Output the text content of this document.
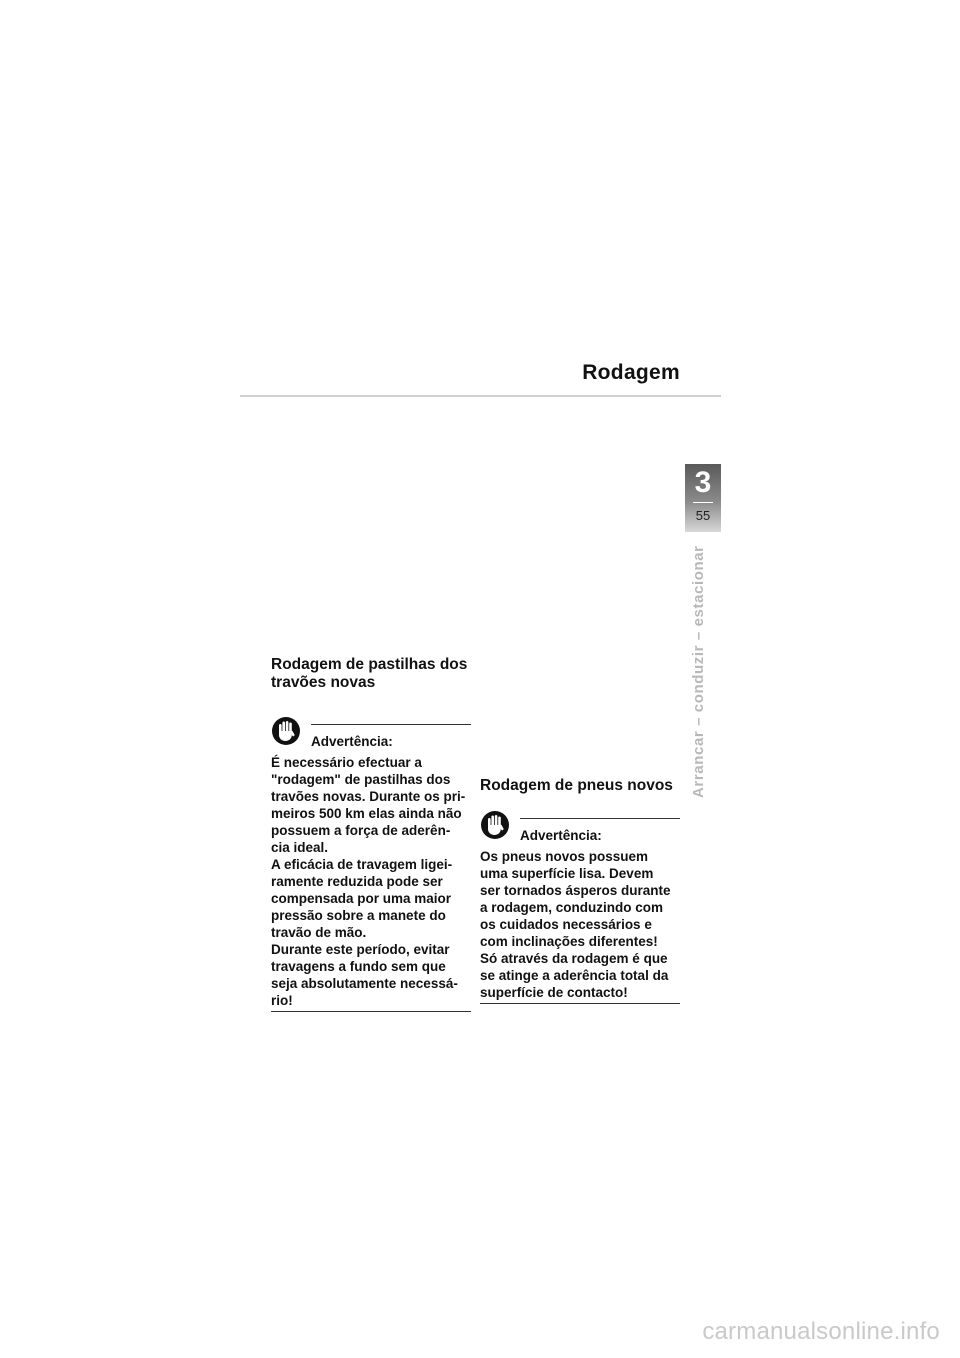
Rodagem
3
55
Arrancar – conduzir – estacionar
Rodagem de pastilhas dos travões novas
Advertência:

É necessário efectuar a
"rodagem" de pastilhas dos
travões novas. Durante os pri-
meiros 500 km elas ainda não
possuem a força de aderên-
cia ideal.
A eficácia de travagem ligei-
ramente reduzida pode ser
compensada por uma maior
pressão sobre a manete do
travão de mão.
Durante este período, evitar
travagens a fundo sem que
seja absolutamente necessá-
rio!

Rodagem de pneus novos
Advertência:

Os pneus novos possuem
uma superfície lisa. Devem
ser tornados ásperos durante
a rodagem, conduzindo com
os cuidados necessários e
com inclinações diferentes!
Só através da rodagem é que
se atinge a aderência total da
superfície de contacto!

carmanualsonline.info
